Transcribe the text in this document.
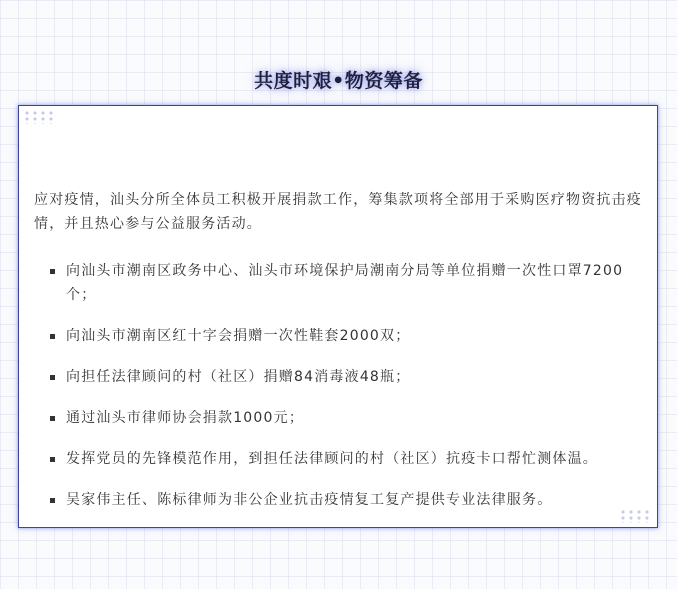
共度时艰•物资筹备

应对疫情，汕头分所全体员工积极开展捐款工作，筹集款项将全部用于采购医疗物资抗击疫情，并且热心参与公益服务活动。

向汕头市潮南区政务中心、汕头市环境保护局潮南分局等单位捐赠一次性口罩7200个；
向汕头市潮南区红十字会捐赠一次性鞋套2000双；
向担任法律顾问的村（社区）捐赠84消毒液48瓶；
通过汕头市律师协会捐款1000元；
发挥党员的先锋模范作用，到担任法律顾问的村（社区）抗疫卡口帮忙测体温。
吴家伟主任、陈标律师为非公企业抗击疫情复工复产提供专业法律服务。
